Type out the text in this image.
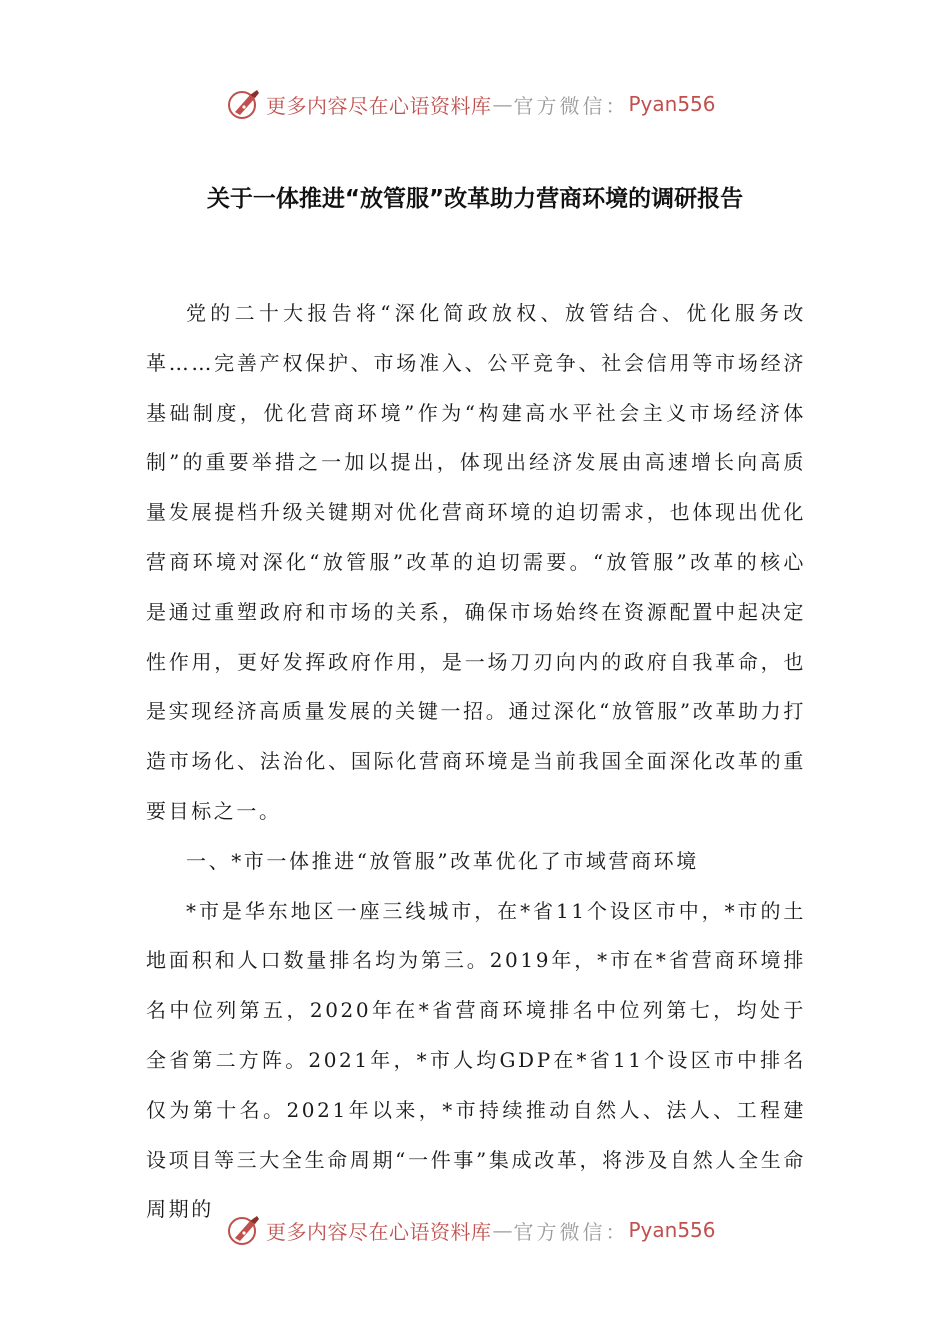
更多内容尽在心语资料库 — 官方微信： Pyan556
关于一体推进“放管服”改革助力营商环境的调研报告

党的二十大报告将“深化简政放权、放管结合、优化服务改革……完善产权保护、市场准入、公平竞争、社会信用等市场经济基础制度，优化营商环境”作为“构建高水平社会主义市场经济体制”的重要举措之一加以提出，体现出经济发展由高速增长向高质量发展提档升级关键期对优化营商环境的迫切需求，也体现出优化营商环境对深化“放管服”改革的迫切需要。“放管服”改革的核心是通过重塑政府和市场的关系，确保市场始终在资源配置中起决定性作用，更好发挥政府作用，是一场刀刃向内的政府自我革命，也是实现经济高质量发展的关键一招。通过深化“放管服”改革助力打造市场化、法治化、国际化营商环境是当前我国全面深化改革的重要目标之一。

一、*市一体推进“放管服”改革优化了市域营商环境

*市是华东地区一座三线城市，在*省11个设区市中，*市的土地面积和人口数量排名均为第三。2019年，*市在*省营商环境排名中位列第五，2020年在*省营商环境排名中位列第七，均处于全省第二方阵。2021年，*市人均GDP在*省11个设区市中排名仅为第十名。2021年以来，*市持续推动自然人、法人、工程建设项目等三大全生命周期“一件事”集成改革，将涉及自然人全生命周期的

更多内容尽在心语资料库 — 官方微信： Pyan556
